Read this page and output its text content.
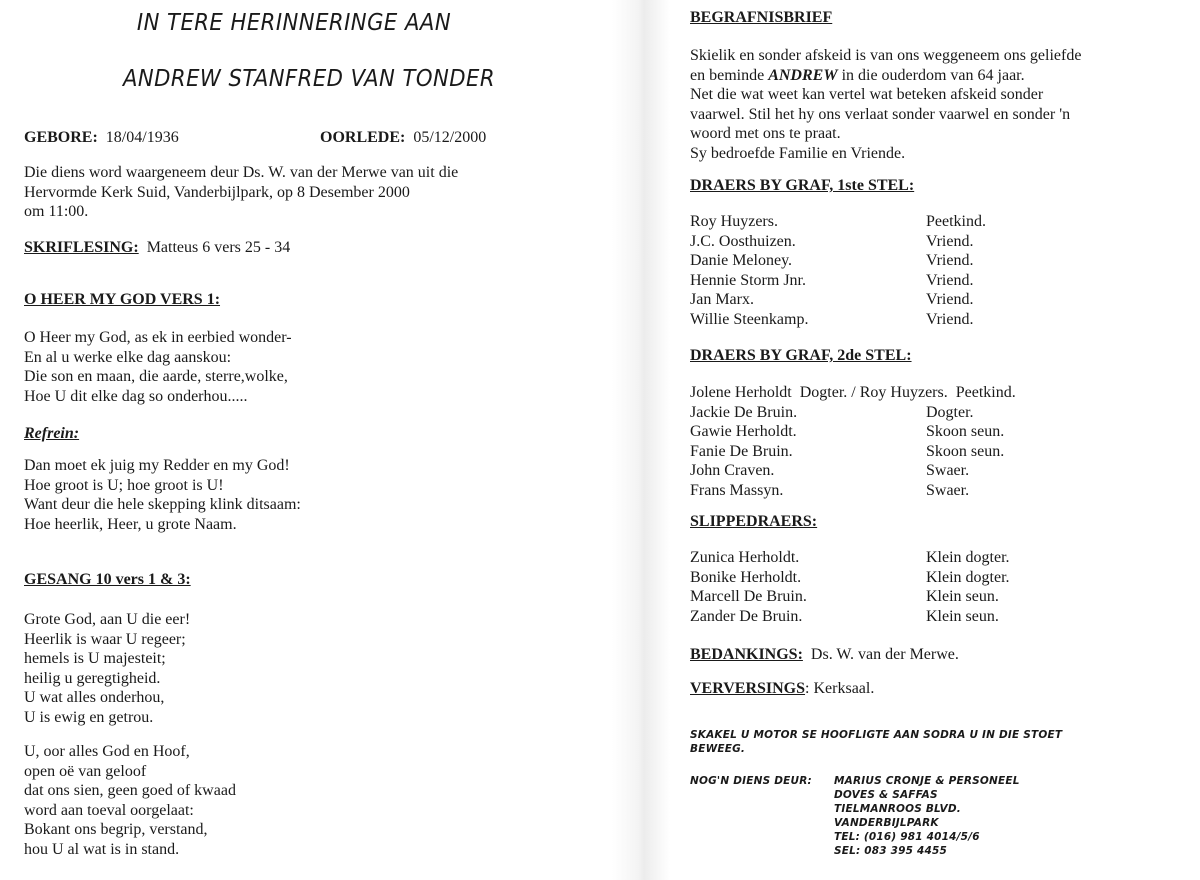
IN TERE HERINNERINGE AAN
ANDREW STANFRED VAN TONDER
GEBORE: 18/04/1936	OORLEDE: 05/12/2000
Die diens word waargeneem deur Ds. W. van der Merwe van uit die
Hervormde Kerk Suid, Vanderbijlpark, op 8 Desember 2000
om 11:00.
SKRIFLESING: Matteus 6 vers 25 - 34
O HEER MY GOD VERS 1:
O Heer my God, as ek in eerbied wonder-
En al u werke elke dag aanskou:
Die son en maan, die aarde, sterre,wolke,
Hoe U dit elke dag so onderhou.....
Refrein:
Dan moet ek juig my Redder en my God!
Hoe groot is U; hoe groot is U!
Want deur die hele skepping klink ditsaam:
Hoe heerlik, Heer, u grote Naam.
GESANG 10 vers 1 & 3:
Grote God, aan U die eer!
Heerlik is waar U regeer;
hemels is U majesteit;
heilig u geregtigheid.
U wat alles onderhou,
U is ewig en getrou.
U, oor alles God en Hoof,
open oë van geloof
dat ons sien, geen goed of kwaad
word aan toeval oorgelaat:
Bokant ons begrip, verstand,
hou U al wat is in stand.
BEGRAFNISBRIEF
Skielik en sonder afskeid is van ons weggeneem ons geliefde
en beminde ANDREW in die ouderdom van 64 jaar.
Net die wat weet kan vertel wat beteken afskeid sonder
vaarwel. Stil het hy ons verlaat sonder vaarwel en sonder 'n
woord met ons te praat.
Sy bedroefde Familie en Vriende.
DRAERS BY GRAF, 1ste STEL:
Roy Huyzers.	Peetkind.
J.C. Oosthuizen.	Vriend.
Danie Meloney.	Vriend.
Hennie Storm Jnr.	Vriend.
Jan Marx.	Vriend.
Willie Steenkamp.	Vriend.
DRAERS BY GRAF, 2de STEL:
Jolene Herholdt  Dogter. / Roy Huyzers.  Peetkind.
Jackie De Bruin.	Dogter.
Gawie Herholdt.	Skoon seun.
Fanie De Bruin.	Skoon seun.
John Craven.	Swaer.
Frans Massyn.	Swaer.
SLIPPEDRAERS:
Zunica Herholdt.	Klein dogter.
Bonike Herholdt.	Klein dogter.
Marcell De Bruin.	Klein seun.
Zander De Bruin.	Klein seun.
BEDANKINGS: Ds. W. van der Merwe.
VERVERSINGS: Kerksaal.
SKAKEL U MOTOR SE HOOFLIGTE AAN SODRA U IN DIE STOET
BEWEEG.
NOG'N DIENS DEUR: MARIUS CRONJE & PERSONEEL
DOVES & SAFFAS
TIELMANROOS BLVD.
VANDERBIJLPARK
TEL: (016) 981 4014/5/6
SEL: 083 395 4455
